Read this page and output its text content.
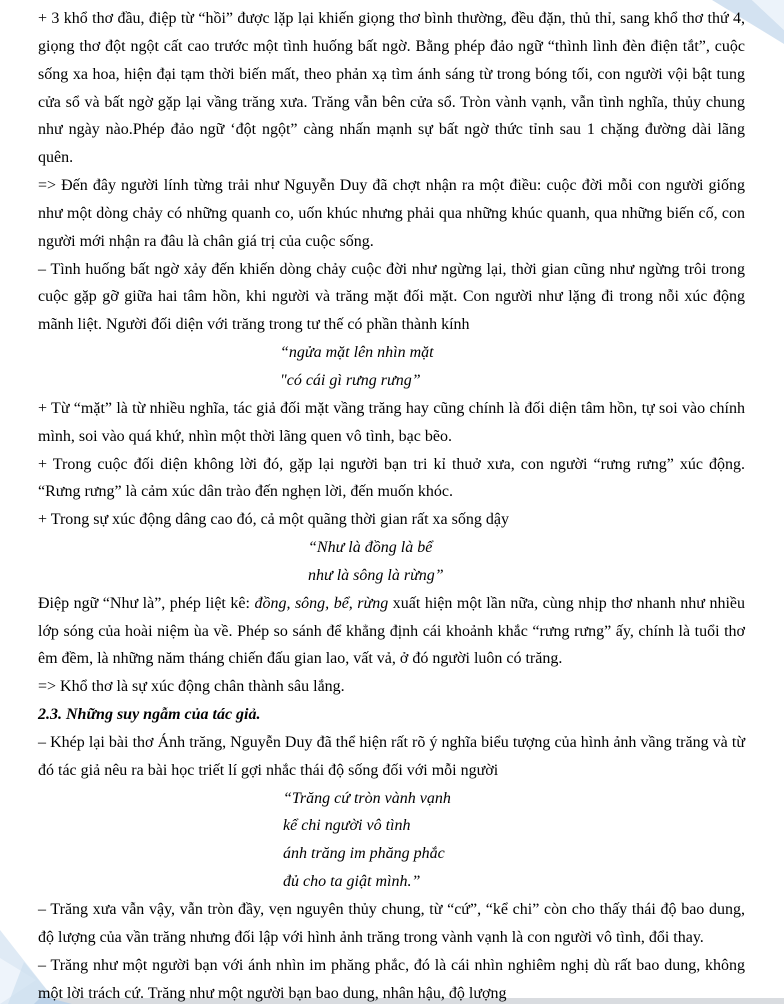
+ 3 khổ thơ đầu, điệp từ “hồi” được lặp lại khiến giọng thơ bình thường, đều đặn, thủ thỉ, sang khổ thơ thứ 4, giọng thơ đột ngột cất cao trước một tình huống bất ngờ. Bằng phép đảo ngữ “thình lình đèn điện tắt”, cuộc sống xa hoa, hiện đại tạm thời biến mất, theo phản xạ tìm ánh sáng từ trong bóng tối, con người vội bật tung cửa sổ và bất ngờ gặp lại vầng trăng xưa. Trăng vẫn bên cửa sổ. Tròn vành vạnh, vẫn tình nghĩa, thủy chung như ngày nào.Phép đảo ngữ ‘đột ngột” càng nhấn mạnh sự bất ngờ thức tỉnh sau 1 chặng đường dài lãng quên.

=> Đến đây người lính từng trải như Nguyễn Duy đã chợt nhận ra một điều: cuộc đời mỗi con người giống như một dòng chảy có những quanh co, uốn khúc nhưng phải qua những khúc quanh, qua những biến cố, con người mới nhận ra đâu là chân giá trị của cuộc sống.

– Tình huống bất ngờ xảy đến khiến dòng chảy cuộc đời như ngừng lại, thời gian cũng như ngừng trôi trong cuộc gặp gỡ giữa hai tâm hồn, khi người và trăng mặt đối mặt. Con người như lặng đi trong nỗi xúc động mãnh liệt. Người đối diện với trăng trong tư thế có phần thành kính

“ngửa mặt lên nhìn mặt
"có cái gì rưng rưng”

+ Từ “mặt” là từ nhiều nghĩa, tác giả đối mặt vầng trăng hay cũng chính là đối diện tâm hồn, tự soi vào chính mình, soi vào quá khứ, nhìn một thời lãng quen vô tình, bạc bẽo.

+ Trong cuộc đối diện không lời đó, gặp lại người bạn tri kỉ thuở xưa, con người “rưng rưng” xúc động. “Rưng rưng” là cảm xúc dân trào đến nghẹn lời, đến muốn khóc.

+ Trong sự xúc động dâng cao đó, cả một quãng thời gian rất xa sống dậy

“Như là đồng là bể
như là sông là rừng”

Điệp ngữ “Như là”, phép liệt kê: đồng, sông, bể, rừng xuất hiện một lần nữa, cùng nhịp thơ nhanh như nhiều lớp sóng của hoài niệm ùa về. Phép so sánh để khẳng định cái khoảnh khắc “rưng rưng” ấy, chính là tuổi thơ êm đềm, là những năm tháng chiến đấu gian lao, vất vả, ở đó người luôn có trăng.

=> Khổ thơ là sự xúc động chân thành sâu lắng.

2.3. Những suy ngẫm của tác giả.

– Khép lại bài thơ Ánh trăng, Nguyễn Duy đã thể hiện rất rõ ý nghĩa biểu tượng của hình ảnh vầng trăng và từ đó tác giả nêu ra bài học triết lí gợi nhắc thái độ sống đối với mỗi người

“Trăng cứ tròn vành vạnh
kể chi người vô tình
ánh trăng im phăng phắc
đủ cho ta giật mình.”

– Trăng xưa vẫn vậy, vẫn tròn đầy, vẹn nguyên thủy chung, từ “cứ”, “kể chi” còn cho thấy thái độ bao dung, độ lượng của vần trăng nhưng đối lập với hình ảnh trăng trong vành vạnh là con người vô tình, đổi thay.

– Trăng như một người bạn với ánh nhìn im phăng phắc, đó là cái nhìn nghiêm nghị dù rất bao dung, không một lời trách cứ. Trăng như một người bạn bao dung, nhân hậu, độ lượng
